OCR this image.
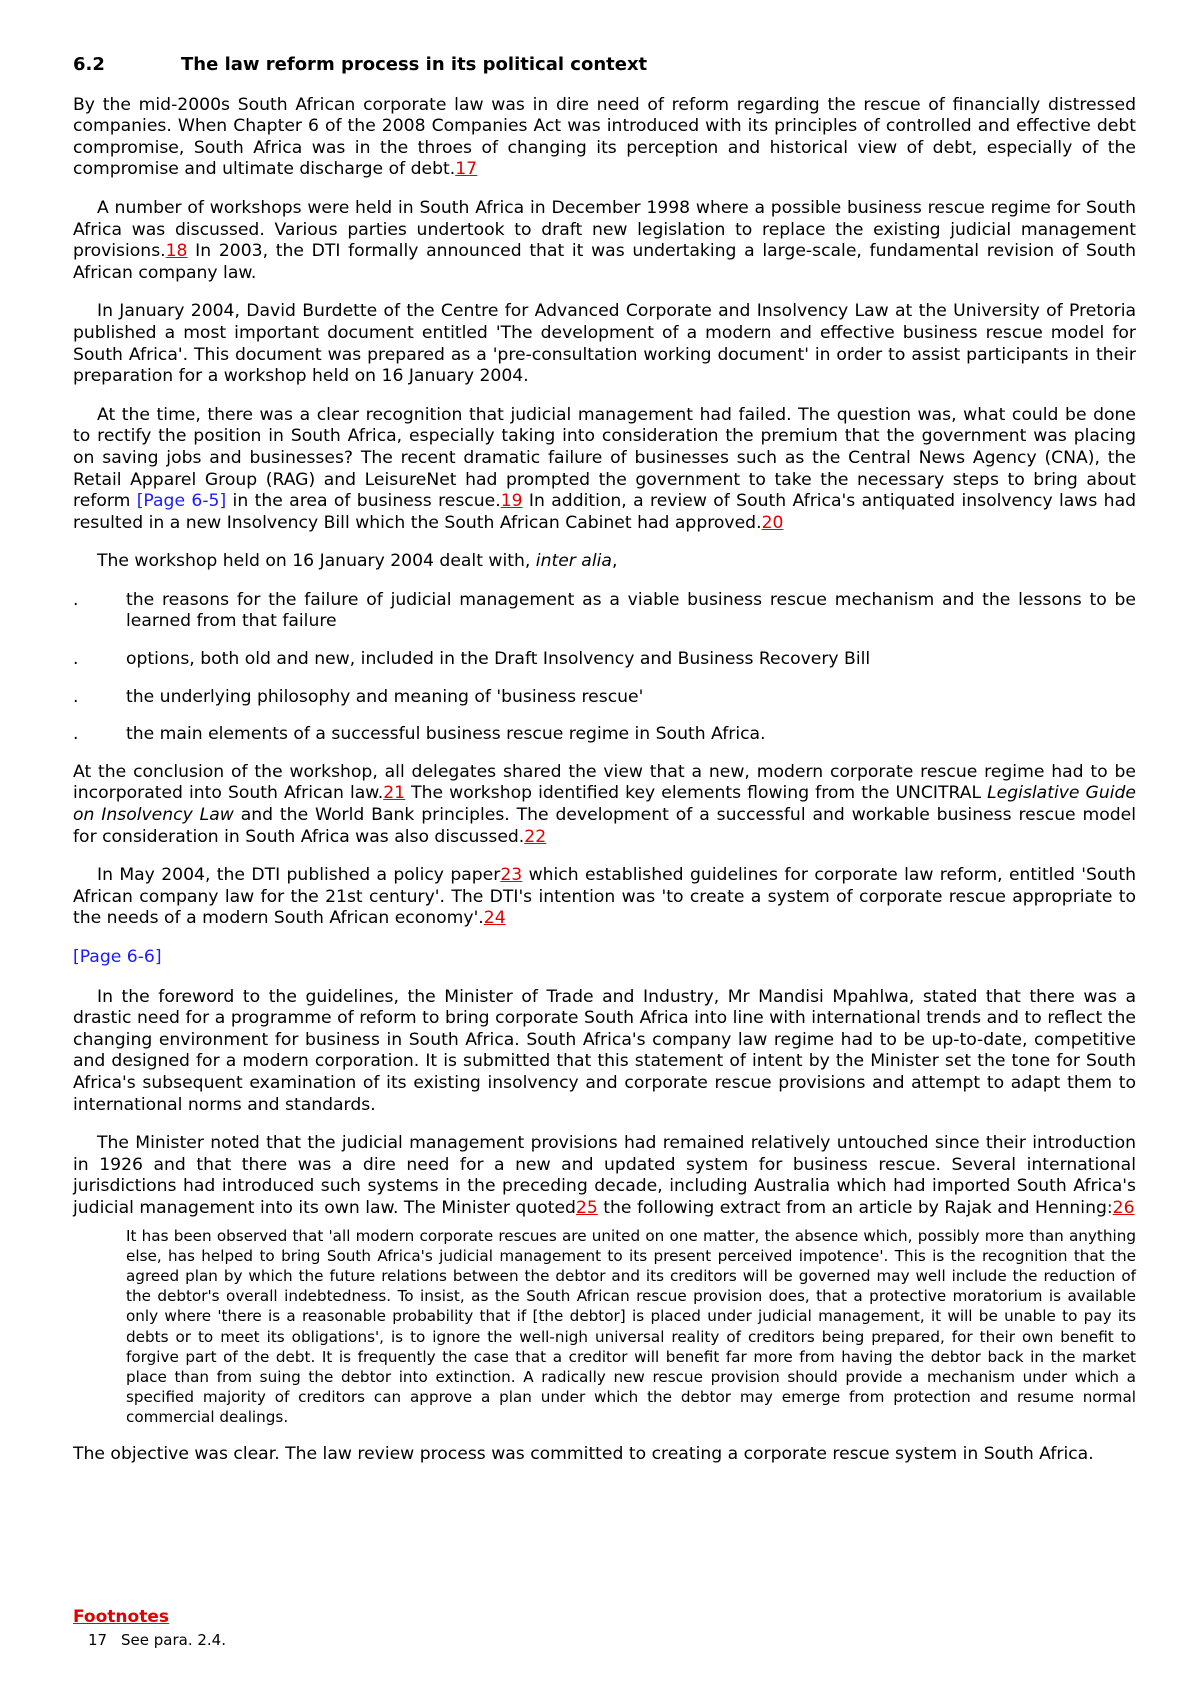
6.2	The law reform process in its political context

By the mid-2000s South African corporate law was in dire need of reform regarding the rescue of financially distressed companies. When Chapter 6 of the 2008 Companies Act was introduced with its principles of controlled and effective debt compromise, South Africa was in the throes of changing its perception and historical view of debt, especially of the compromise and ultimate discharge of debt.17

A number of workshops were held in South Africa in December 1998 where a possible business rescue regime for South Africa was discussed. Various parties undertook to draft new legislation to replace the existing judicial management provisions.18 In 2003, the DTI formally announced that it was undertaking a large-scale, fundamental revision of South African company law.

In January 2004, David Burdette of the Centre for Advanced Corporate and Insolvency Law at the University of Pretoria published a most important document entitled 'The development of a modern and effective business rescue model for South Africa'. This document was prepared as a 'pre-consultation working document' in order to assist participants in their preparation for a workshop held on 16 January 2004.

At the time, there was a clear recognition that judicial management had failed. The question was, what could be done to rectify the position in South Africa, especially taking into consideration the premium that the government was placing on saving jobs and businesses? The recent dramatic failure of businesses such as the Central News Agency (CNA), the Retail Apparel Group (RAG) and LeisureNet had prompted the government to take the necessary steps to bring about reform [Page 6-5] in the area of business rescue.19 In addition, a review of South Africa's antiquated insolvency laws had resulted in a new Insolvency Bill which the South African Cabinet had approved.20

The workshop held on 16 January 2004 dealt with, inter alia,

.	the reasons for the failure of judicial management as a viable business rescue mechanism and the lessons to be learned from that failure
.	options, both old and new, included in the Draft Insolvency and Business Recovery Bill
.	the underlying philosophy and meaning of 'business rescue'
.	the main elements of a successful business rescue regime in South Africa.

At the conclusion of the workshop, all delegates shared the view that a new, modern corporate rescue regime had to be incorporated into South African law.21 The workshop identified key elements flowing from the UNCITRAL Legislative Guide on Insolvency Law and the World Bank principles. The development of a successful and workable business rescue model for consideration in South Africa was also discussed.22

In May 2004, the DTI published a policy paper23 which established guidelines for corporate law reform, entitled 'South African company law for the 21st century'. The DTI's intention was 'to create a system of corporate rescue appropriate to the needs of a modern South African economy'.24

[Page 6-6]

In the foreword to the guidelines, the Minister of Trade and Industry, Mr Mandisi Mpahlwa, stated that there was a drastic need for a programme of reform to bring corporate South Africa into line with international trends and to reflect the changing environment for business in South Africa. South Africa's company law regime had to be up-to-date, competitive and designed for a modern corporation. It is submitted that this statement of intent by the Minister set the tone for South Africa's subsequent examination of its existing insolvency and corporate rescue provisions and attempt to adapt them to international norms and standards.

The Minister noted that the judicial management provisions had remained relatively untouched since their introduction in 1926 and that there was a dire need for a new and updated system for business rescue. Several international jurisdictions had introduced such systems in the preceding decade, including Australia which had imported South Africa's judicial management into its own law. The Minister quoted25 the following extract from an article by Rajak and Henning:26

It has been observed that 'all modern corporate rescues are united on one matter, the absence which, possibly more than anything else, has helped to bring South Africa's judicial management to its present perceived impotence'. This is the recognition that the agreed plan by which the future relations between the debtor and its creditors will be governed may well include the reduction of the debtor's overall indebtedness. To insist, as the South African rescue provision does, that a protective moratorium is available only where 'there is a reasonable probability that if [the debtor] is placed under judicial management, it will be unable to pay its debts or to meet its obligations', is to ignore the well-nigh universal reality of creditors being prepared, for their own benefit to forgive part of the debt. It is frequently the case that a creditor will benefit far more from having the debtor back in the market place than from suing the debtor into extinction. A radically new rescue provision should provide a mechanism under which a specified majority of creditors can approve a plan under which the debtor may emerge from protection and resume normal commercial dealings.

The objective was clear. The law review process was committed to creating a corporate rescue system in South Africa.

Footnotes
17 See para. 2.4.
